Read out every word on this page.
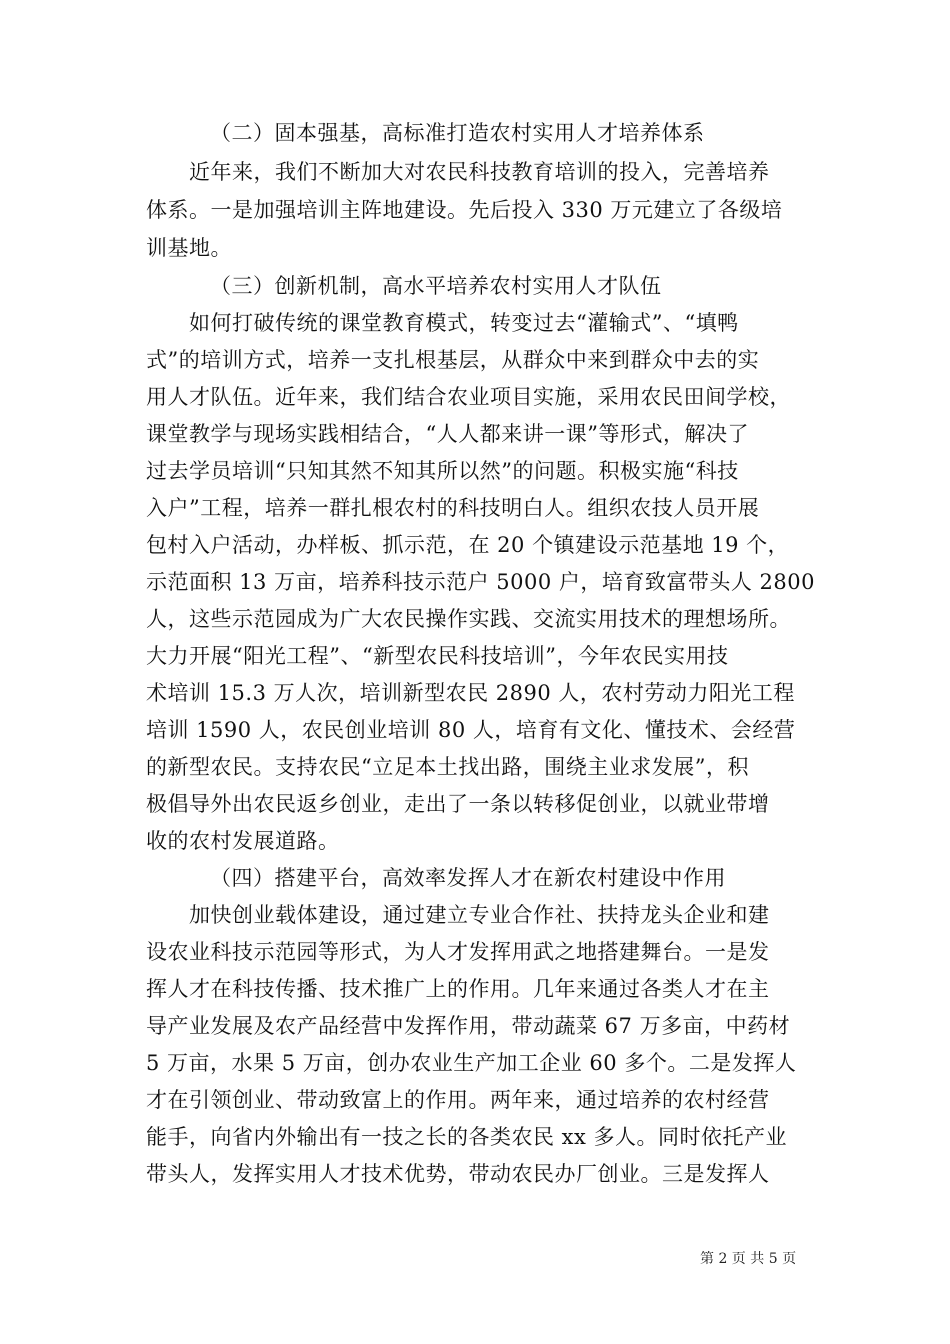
（二）固本强基，高标准打造农村实用人才培养体系
近年来，我们不断加大对农民科技教育培训的投入，完善培养
体系。一是加强培训主阵地建设。先后投入 330 万元建立了各级培
训基地。
（三）创新机制，高水平培养农村实用人才队伍
如何打破传统的课堂教育模式，转变过去“灌输式”、“填鸭
式”的培训方式，培养一支扎根基层，从群众中来到群众中去的实
用人才队伍。近年来，我们结合农业项目实施，采用农民田间学校，
课堂教学与现场实践相结合，“人人都来讲一课”等形式，解决了
过去学员培训“只知其然不知其所以然”的问题。积极实施“科技
入户”工程，培养一群扎根农村的科技明白人。组织农技人员开展
包村入户活动，办样板、抓示范，在 20 个镇建设示范基地 19 个，
示范面积 13 万亩，培养科技示范户 5000 户，培育致富带头人 2800
人，这些示范园成为广大农民操作实践、交流实用技术的理想场所。
大力开展“阳光工程”、“新型农民科技培训”，今年农民实用技
术培训 15.3 万人次，培训新型农民 2890 人，农村劳动力阳光工程
培训 1590 人，农民创业培训 80 人，培育有文化、懂技术、会经营
的新型农民。支持农民“立足本土找出路，围绕主业求发展”，积
极倡导外出农民返乡创业，走出了一条以转移促创业，以就业带增
收的农村发展道路。
（四）搭建平台，高效率发挥人才在新农村建设中作用
加快创业载体建设，通过建立专业合作社、扶持龙头企业和建
设农业科技示范园等形式，为人才发挥用武之地搭建舞台。一是发
挥人才在科技传播、技术推广上的作用。几年来通过各类人才在主
导产业发展及农产品经营中发挥作用，带动蔬菜 67 万多亩，中药材
5 万亩，水果 5 万亩，创办农业生产加工企业 60 多个。二是发挥人
才在引领创业、带动致富上的作用。两年来，通过培养的农村经营
能手，向省内外输出有一技之长的各类农民 xx 多人。同时依托产业
带头人，发挥实用人才技术优势，带动农民办厂创业。三是发挥人
第 2 页 共 5 页
